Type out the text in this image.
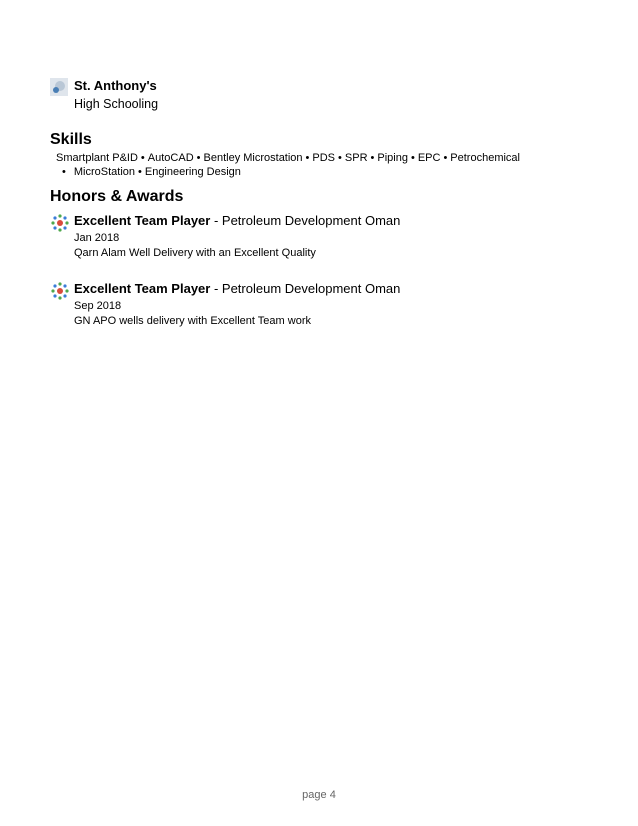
St. Anthony's
High Schooling
Skills
Smartplant P&ID • AutoCAD • Bentley Microstation • PDS • SPR • Piping • EPC • Petrochemical
• MicroStation • Engineering Design
Honors & Awards
Excellent Team Player - Petroleum Development Oman
Jan 2018
Qarn Alam Well Delivery with an Excellent Quality
Excellent Team Player - Petroleum Development Oman
Sep 2018
GN APO wells delivery with Excellent Team work
page 4
